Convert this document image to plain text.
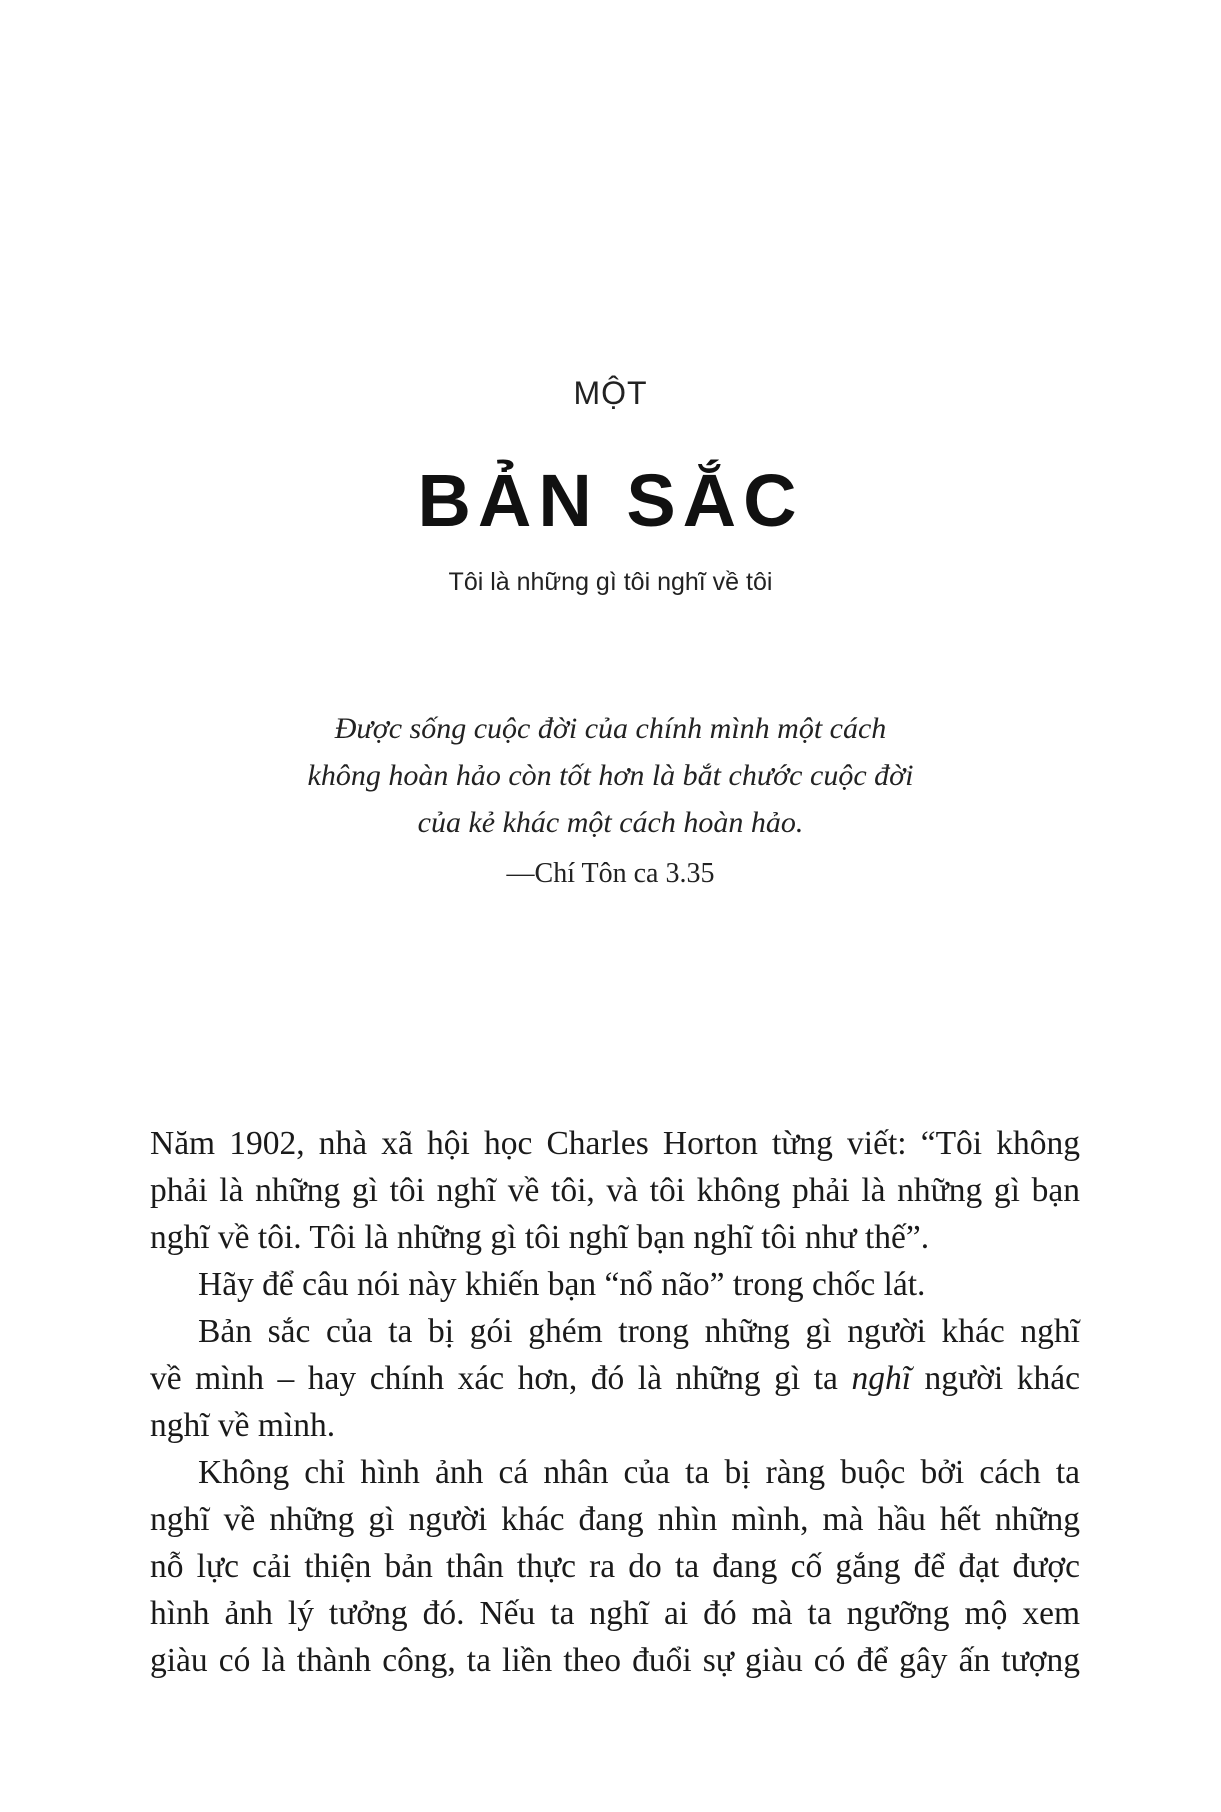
MỘT
BẢN SẮC
Tôi là những gì tôi nghĩ về tôi
Được sống cuộc đời của chính mình một cách
không hoàn hảo còn tốt hơn là bắt chước cuộc đời
của kẻ khác một cách hoàn hảo.
—Chí Tôn ca 3.35
Năm 1902, nhà xã hội học Charles Horton từng viết: “Tôi không
phải là những gì tôi nghĩ về tôi, và tôi không phải là những gì bạn
nghĩ về tôi. Tôi là những gì tôi nghĩ bạn nghĩ tôi như thế”.
Hãy để câu nói này khiến bạn “nổ não” trong chốc lát.
Bản sắc của ta bị gói ghém trong những gì người khác nghĩ
về mình – hay chính xác hơn, đó là những gì ta nghĩ người khác
nghĩ về mình.
Không chỉ hình ảnh cá nhân của ta bị ràng buộc bởi cách ta
nghĩ về những gì người khác đang nhìn mình, mà hầu hết những
nỗ lực cải thiện bản thân thực ra do ta đang cố gắng để đạt được
hình ảnh lý tưởng đó. Nếu ta nghĩ ai đó mà ta ngưỡng mộ xem
giàu có là thành công, ta liền theo đuổi sự giàu có để gây ấn tượng
